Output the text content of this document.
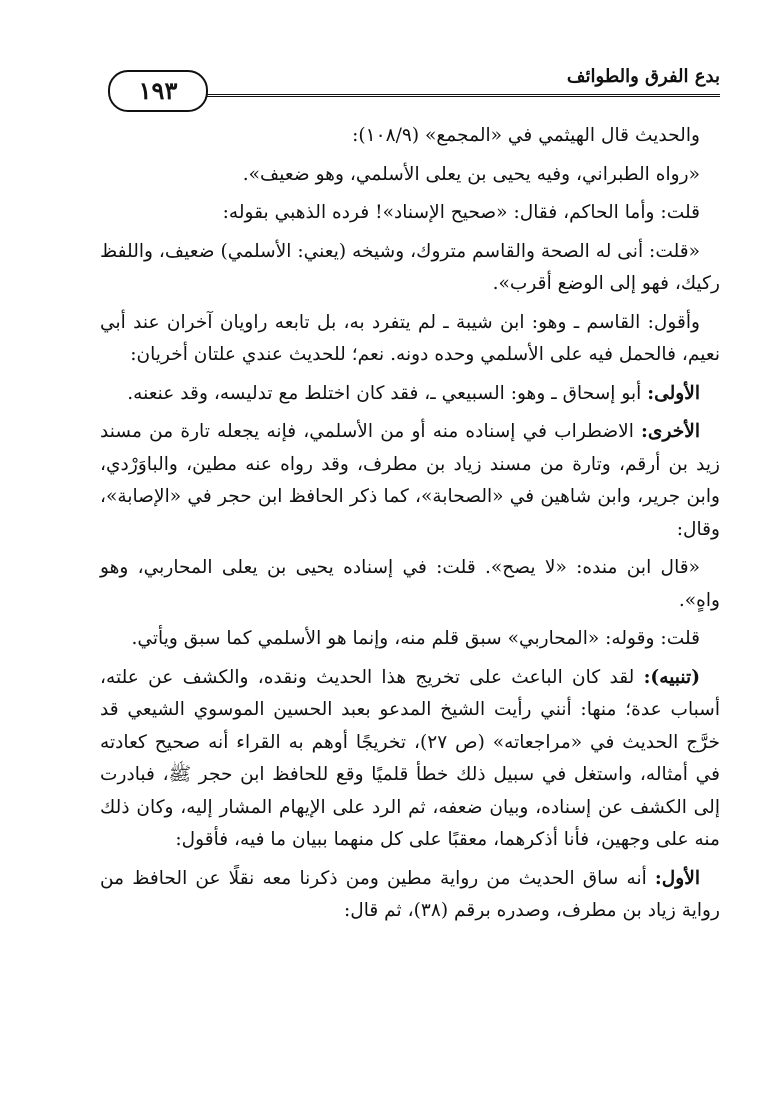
بدع الفرق والطوائف
١٩٣

والحديث قال الهيثمي في «المجمع» (١٠٨/٩):

«رواه الطبراني، وفيه يحيى بن يعلى الأسلمي، وهو ضعيف».

قلت: وأما الحاكم، فقال: «صحيح الإسناد»! فرده الذهبي بقوله:

«قلت: أنى له الصحة والقاسم متروك، وشيخه (يعني: الأسلمي) ضعيف، واللفظ ركيك، فهو إلى الوضع أقرب».

وأقول: القاسم ـ وهو: ابن شيبة ـ لم يتفرد به، بل تابعه راويان آخران عند أبي نعيم، فالحمل فيه على الأسلمي وحده دونه. نعم؛ للحديث عندي علتان أخريان:

الأولى: أبو إسحاق ـ وهو: السبيعي ـ، فقد كان اختلط مع تدليسه، وقد عنعنه.

الأخرى: الاضطراب في إسناده منه أو من الأسلمي، فإنه يجعله تارة من مسند زيد بن أرقم، وتارة من مسند زياد بن مطرف، وقد رواه عنه مطين، والباوَرْدي، وابن جرير، وابن شاهين في «الصحابة»، كما ذكر الحافظ ابن حجر في «الإصابة»، وقال:

«قال ابن منده: «لا يصح». قلت: في إسناده يحيى بن يعلى المحاربي، وهو واهٍ».

قلت: وقوله: «المحاربي» سبق قلم منه، وإنما هو الأسلمي كما سبق ويأتي.

(تنبيه): لقد كان الباعث على تخريج هذا الحديث ونقده، والكشف عن علته، أسباب عدة؛ منها: أنني رأيت الشيخ المدعو بعبد الحسين الموسوي الشيعي قد خرَّج الحديث في «مراجعاته» (ص ٢٧)، تخريجًا أوهم به القراء أنه صحيح كعادته في أمثاله، واستغل في سبيل ذلك خطأ قلميًا وقع للحافظ ابن حجر ﷺ، فبادرت إلى الكشف عن إسناده، وبيان ضعفه، ثم الرد على الإيهام المشار إليه، وكان ذلك منه على وجهين، فأنا أذكرهما، معقبًا على كل منهما ببيان ما فيه، فأقول:

الأول: أنه ساق الحديث من رواية مطين ومن ذكرنا معه نقلًا عن الحافظ من رواية زياد بن مطرف، وصدره برقم (٣٨)، ثم قال:
